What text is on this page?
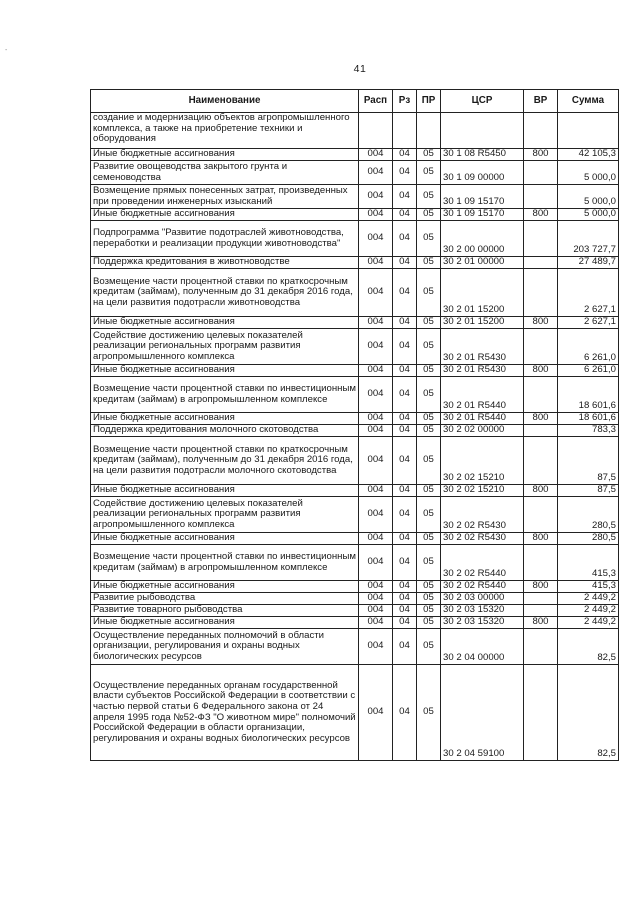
-
41
Наименование	Расп	Рз	ПР	ЦСР	ВР	Сумма
создание и модернизацию объектов агропромышленного комплекса, а также на приобретение техники и оборудования						
Иные бюджетные ассигнования	004	04	05	30 1 08 R5450	800	42 105,3
Развитие овощеводства закрытого грунта и семеноводства	004	04	05	30 1 09 00000		5 000,0
Возмещение прямых понесенных затрат, произведенных при проведении инженерных изысканий	004	04	05	30 1 09 15170		5 000,0
Иные бюджетные ассигнования	004	04	05	30 1 09 15170	800	5 000,0
Подпрограмма "Развитие подотраслей животноводства, переработки и реализации продукции животноводства"	004	04	05	30 2 00 00000		203 727,7
Поддержка кредитования в животноводстве	004	04	05	30 2 01 00000		27 489,7
Возмещение части процентной ставки по краткосрочным кредитам (займам), полученным до 31 декабря 2016 года, на цели развития подотрасли животноводства	004	04	05	30 2 01 15200		2 627,1
Иные бюджетные ассигнования	004	04	05	30 2 01 15200	800	2 627,1
Содействие достижению целевых показателей реализации региональных программ развития агропромышленного комплекса	004	04	05	30 2 01 R5430		6 261,0
Иные бюджетные ассигнования	004	04	05	30 2 01 R5430	800	6 261,0
Возмещение части процентной ставки по инвестиционным кредитам (займам) в агропромышленном комплексе	004	04	05	30 2 01 R5440		18 601,6
Иные бюджетные ассигнования	004	04	05	30 2 01 R5440	800	18 601,6
Поддержка кредитования молочного скотоводства	004	04	05	30 2 02 00000		783,3
Возмещение части процентной ставки по краткосрочным кредитам (займам), полученным до 31 декабря 2016 года, на цели развития подотрасли молочного скотоводства	004	04	05	30 2 02 15210		87,5
Иные бюджетные ассигнования	004	04	05	30 2 02 15210	800	87,5
Содействие достижению целевых показателей реализации региональных программ развития агропромышленного комплекса	004	04	05	30 2 02 R5430		280,5
Иные бюджетные ассигнования	004	04	05	30 2 02 R5430	800	280,5
Возмещение части процентной ставки по инвестиционным кредитам (займам) в агропромышленном комплексе	004	04	05	30 2 02 R5440		415,3
Иные бюджетные ассигнования	004	04	05	30 2 02 R5440	800	415,3
Развитие рыбоводства	004	04	05	30 2 03 00000		2 449,2
Развитие товарного рыбоводства	004	04	05	30 2 03 15320		2 449,2
Иные бюджетные ассигнования	004	04	05	30 2 03 15320	800	2 449,2
Осуществление переданных полномочий в области организации, регулирования и охраны водных биологических ресурсов	004	04	05	30 2 04 00000		82,5
Осуществление переданных органам государственной власти субъектов Российской Федерации в соответствии с частью первой статьи 6 Федерального закона от 24 апреля 1995 года №52-ФЗ "О животном мире" полномочий Российской Федерации в области организации, регулирования и охраны водных биологических ресурсов	004	04	05	30 2 04 59100		82,5
